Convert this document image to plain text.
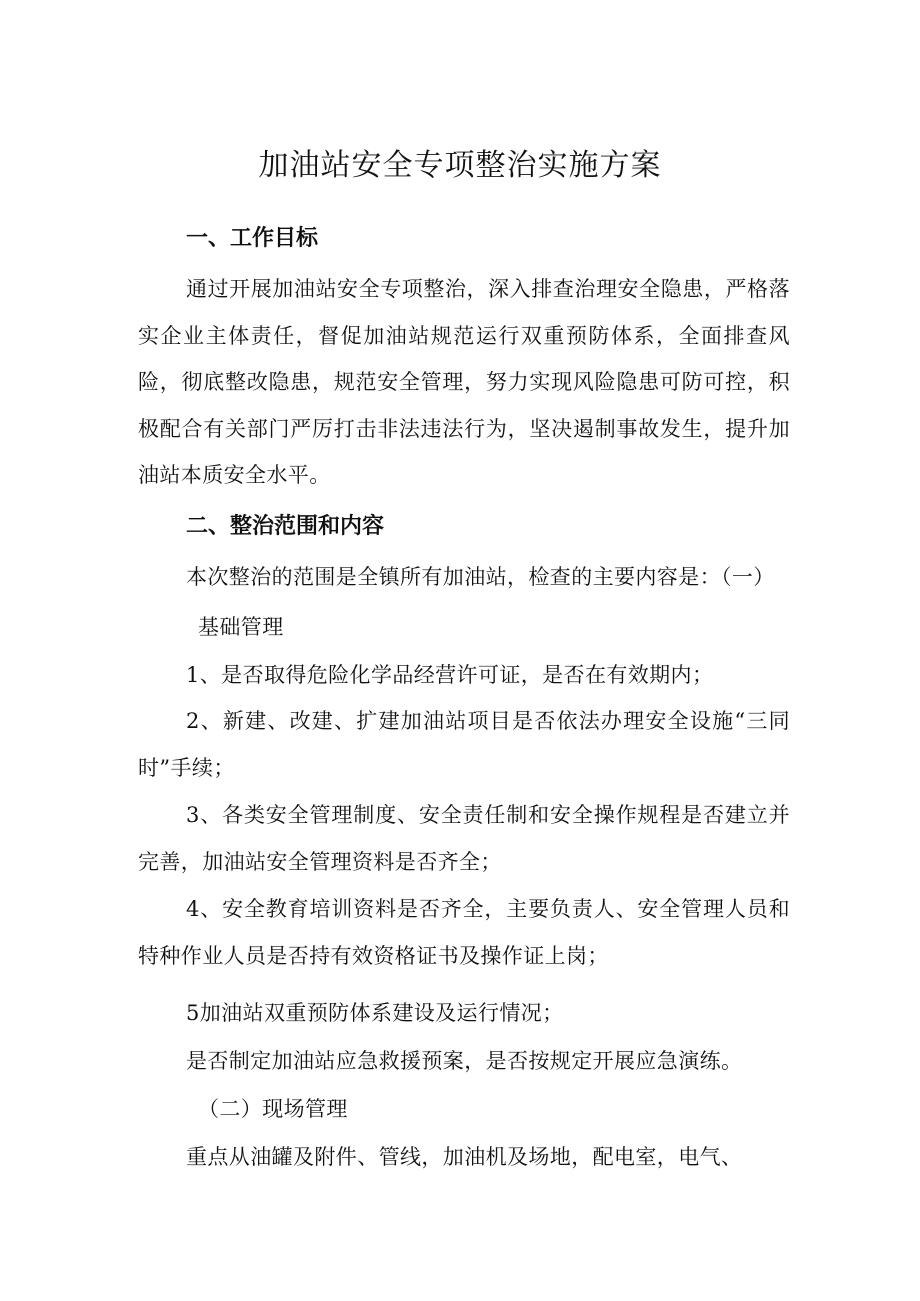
加油站安全专项整治实施方案
一、工作目标
通过开展加油站安全专项整治，深入排查治理安全隐患，严格落实企业主体责任，督促加油站规范运行双重预防体系，全面排查风险，彻底整改隐患，规范安全管理，努力实现风险隐患可防可控，积极配合有关部门严厉打击非法违法行为，坚决遏制事故发生，提升加油站本质安全水平。
二、整治范围和内容
本次整治的范围是全镇所有加油站，检查的主要内容是：（一）
基础管理
1、是否取得危险化学品经营许可证，是否在有效期内；
2、新建、改建、扩建加油站项目是否依法办理安全设施“三同时”手续；
3、各类安全管理制度、安全责任制和安全操作规程是否建立并完善，加油站安全管理资料是否齐全；
4、安全教育培训资料是否齐全，主要负责人、安全管理人员和特种作业人员是否持有效资格证书及操作证上岗；
5加油站双重预防体系建设及运行情况；
是否制定加油站应急救援预案，是否按规定开展应急演练。
（二）现场管理
重点从油罐及附件、管线，加油机及场地，配电室，电气、
